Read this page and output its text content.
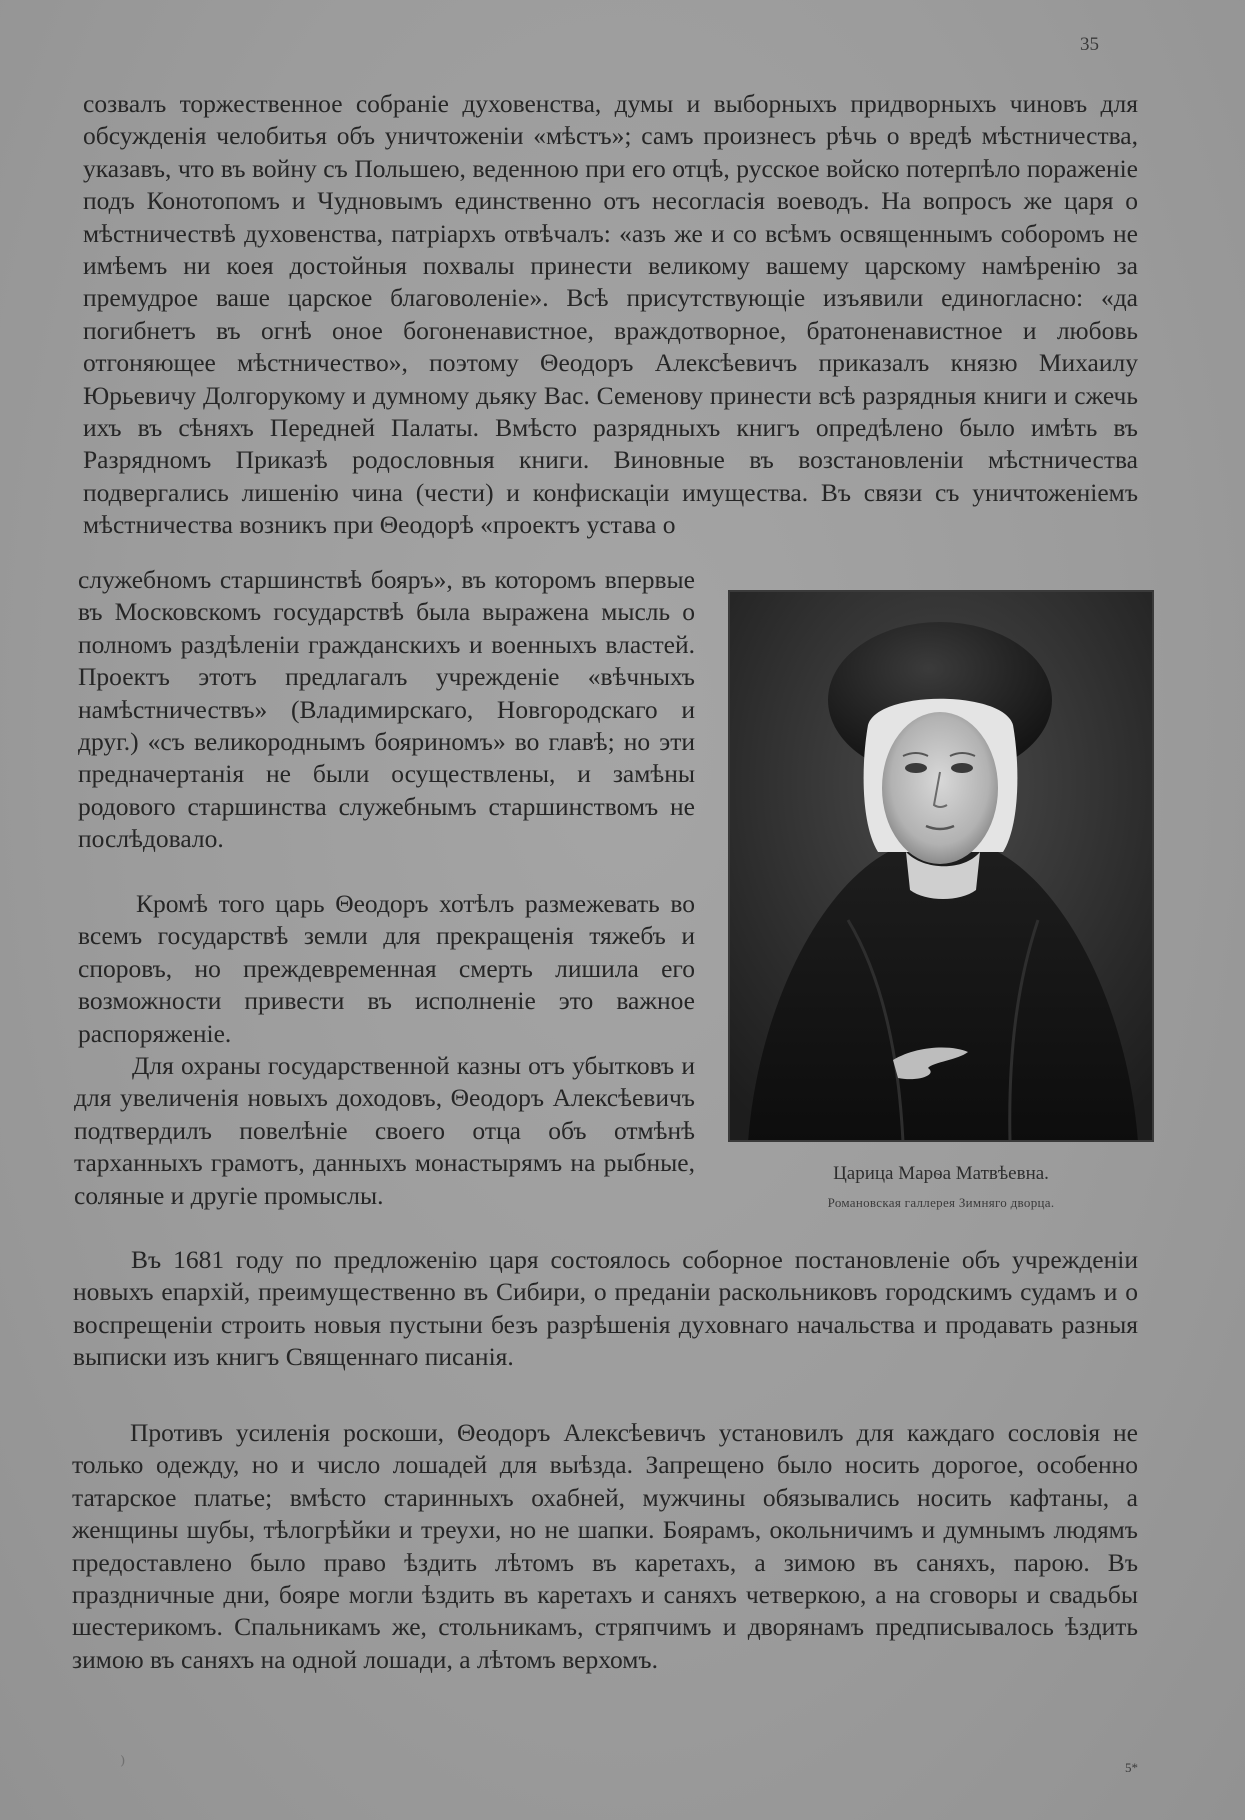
35

созвалъ торжественное собраніе духовенства, думы и выборныхъ придворныхъ чиновъ для обсужденія челобитья объ уничтоженіи «мѣстъ»; самъ произнесъ рѣчь о вредѣ мѣстничества, указавъ, что въ войну съ Польшею, веденною при его отцѣ, русское войско потерпѣло пораженіе подъ Конотопомъ и Чудновымъ единственно отъ несогласія воеводъ. На вопросъ же царя о мѣстничествѣ духовенства, патріархъ отвѣчалъ: «азъ же и со всѣмъ освященнымъ соборомъ не имѣемъ ни коея достойныя похвалы принести великому вашему царскому намѣренію за премудрое ваше царское благоволеніе». Всѣ присутствующіе изъявили единогласно: «да погибнетъ въ огнѣ оное богоненавистное, враждотворное, братоненавистное и любовь отгоняющее мѣстничество», поэтому Θеодоръ Алексѣевичъ приказалъ князю Михаилу Юрьевичу Долгорукому и думному дьяку Вас. Семенову принести всѣ разрядныя книги и сжечь ихъ въ сѣняхъ Передней Палаты. Вмѣсто разрядныхъ книгъ опредѣлено было имѣть въ Разрядномъ Приказѣ родословныя книги. Виновные въ возстановленіи мѣстничества подвергались лишенію чина (чести) и конфискаціи имущества. Въ связи съ уничтоженіемъ мѣстничества возникъ при Θеодорѣ «проектъ устава о

служебномъ старшинствѣ бояръ», въ которомъ впервые въ Московскомъ государствѣ была выражена мысль о полномъ раздѣленіи гражданскихъ и военныхъ властей. Проектъ этотъ предлагалъ учрежденіе «вѣчныхъ намѣстничествъ» (Владимирскаго, Новгородскаго и друг.) «съ великороднымъ бояриномъ» во главѣ; но эти предначертанія не были осуществлены, и замѣны родового старшинства служебнымъ старшинствомъ не послѣдовало.

Кромѣ того царь Θеодоръ хотѣлъ размежевать во всемъ государствѣ земли для прекращенія тяжебъ и споровъ, но преждевременная смерть лишила его возможности привести въ исполненіе это важное распоряженіе.

Для охраны государственной казны отъ убытковъ и для увеличенія новыхъ доходовъ, Θеодоръ Алексѣевичъ подтвердилъ повелѣніе своего отца объ отмѣнѣ тарханныхъ грамотъ, данныхъ монастырямъ на рыбные, соляные и другіе промыслы.

Царица Марѳа Матвѣевна.

Романовская галлерея Зимняго дворца.

Въ 1681 году по предложенію царя состоялось соборное постановленіе объ учрежденіи новыхъ епархій, преимущественно въ Сибири, о преданіи раскольниковъ городскимъ судамъ и о воспрещеніи строить новыя пустыни безъ разрѣшенія духовнаго начальства и продавать разныя выписки изъ книгъ Священнаго писанія.

Противъ усиленія роскоши, Θеодоръ Алексѣевичъ установилъ для каждаго сословія не только одежду, но и число лошадей для выѣзда. Запрещено было носить дорогое, особенно татарское платье; вмѣсто старинныхъ охабней, мужчины обязывались носить кафтаны, а женщины шубы, тѣлогрѣйки и треухи, но не шапки. Боярамъ, окольничимъ и думнымъ людямъ предоставлено было право ѣздить лѣтомъ въ каретахъ, а зимою въ саняхъ, парою. Въ праздничные дни, бояре могли ѣздить въ каретахъ и саняхъ четверкою, а на сговоры и свадьбы шестерикомъ. Спальникамъ же, стольникамъ, стряпчимъ и дворянамъ предписывалось ѣздить зимою въ саняхъ на одной лошади, а лѣтомъ верхомъ.

⁾	5*
